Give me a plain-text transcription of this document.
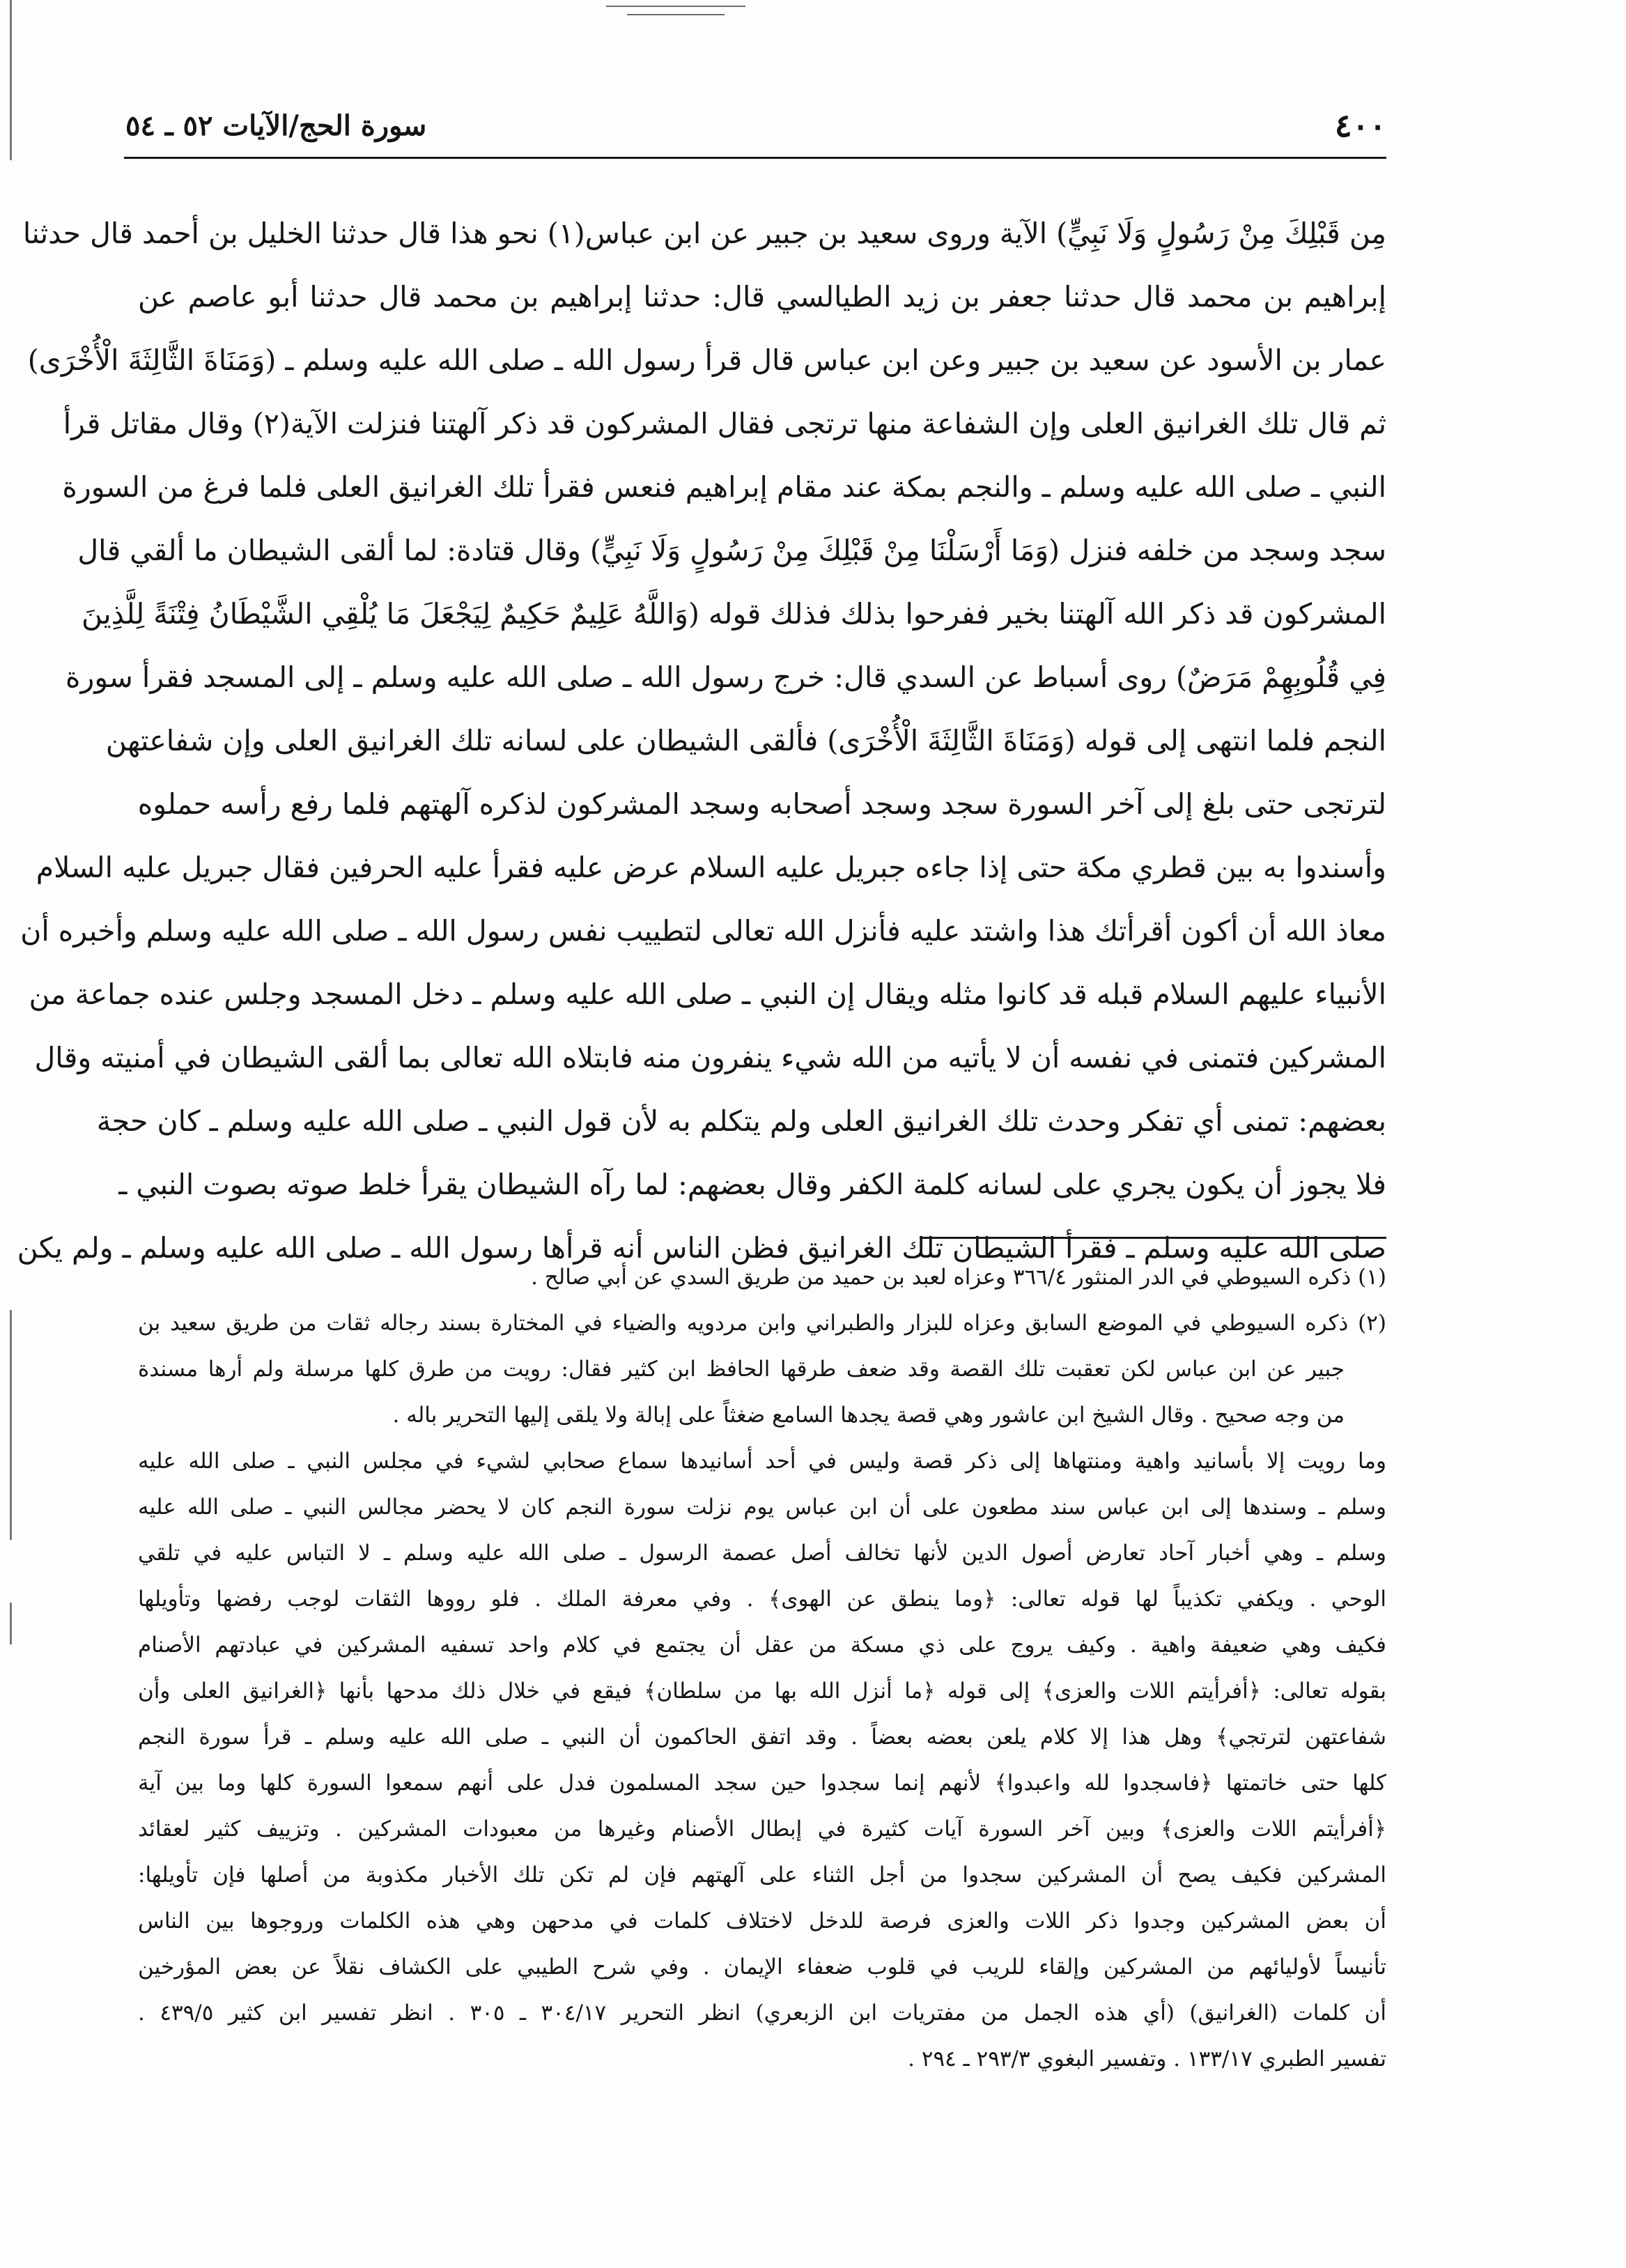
٤٠٠
سورة الحج/الآيات ٥٢ ـ ٥٤
مِن قَبْلِكَ مِنْ رَسُولٍ وَلَا نَبِيٍّ) الآية وروى سعيد بن جبير عن ابن عباس(١) نحو هذا قال حدثنا الخليل بن أحمد قال حدثنا
إبراهيم بن محمد قال حدثنا جعفر بن زيد الطيالسي قال: حدثنا إبراهيم بن محمد قال حدثنا أبو عاصم عن
عمار بن الأسود عن سعيد بن جبير وعن ابن عباس قال قرأ رسول الله ـ صلى الله عليه وسلم ـ (وَمَنَاةَ الثَّالِثَةَ الْأُخْرَى)
ثم قال تلك الغرانيق العلى وإن الشفاعة منها ترتجى فقال المشركون قد ذكر آلهتنا فنزلت الآية(٢) وقال مقاتل قرأ
النبي ـ صلى الله عليه وسلم ـ والنجم بمكة عند مقام إبراهيم فنعس فقرأ تلك الغرانيق العلى فلما فرغ من السورة
سجد وسجد من خلفه فنزل (وَمَا أَرْسَلْنَا مِنْ قَبْلِكَ مِنْ رَسُولٍ وَلَا نَبِيٍّ) وقال قتادة: لما ألقى الشيطان ما ألقي قال
المشركون قد ذكر الله آلهتنا بخير ففرحوا بذلك فذلك قوله (وَاللَّهُ عَلِيمٌ حَكِيمٌ لِيَجْعَلَ مَا يُلْقِي الشَّيْطَانُ فِتْنَةً لِلَّذِينَ
فِي قُلُوبِهِمْ مَرَضٌ) روى أسباط عن السدي قال: خرج رسول الله ـ صلى الله عليه وسلم ـ إلى المسجد فقرأ سورة
النجم فلما انتهى إلى قوله (وَمَنَاةَ الثَّالِثَةَ الْأُخْرَى) فألقى الشيطان على لسانه تلك الغرانيق العلى وإن شفاعتهن
لترتجى حتى بلغ إلى آخر السورة سجد وسجد أصحابه وسجد المشركون لذكره آلهتهم فلما رفع رأسه حملوه
وأسندوا به بين قطري مكة حتى إذا جاءه جبريل عليه السلام عرض عليه فقرأ عليه الحرفين فقال جبريل عليه السلام
معاذ الله أن أكون أقرأتك هذا واشتد عليه فأنزل الله تعالى لتطييب نفس رسول الله ـ صلى الله عليه وسلم وأخبره أن
الأنبياء عليهم السلام قبله قد كانوا مثله ويقال إن النبي ـ صلى الله عليه وسلم ـ دخل المسجد وجلس عنده جماعة من
المشركين فتمنى في نفسه أن لا يأتيه من الله شيء ينفرون منه فابتلاه الله تعالى بما ألقى الشيطان في أمنيته وقال
بعضهم: تمنى أي تفكر وحدث تلك الغرانيق العلى ولم يتكلم به لأن قول النبي ـ صلى الله عليه وسلم ـ كان حجة
فلا يجوز أن يكون يجري على لسانه كلمة الكفر وقال بعضهم: لما رآه الشيطان يقرأ خلط صوته بصوت النبي ـ
صلى الله عليه وسلم ـ فقرأ الشيطان تلك الغرانيق فظن الناس أنه قرأها رسول الله ـ صلى الله عليه وسلم ـ ولم يكن
(١) ذكره السيوطي في الدر المنثور ٣٦٦/٤ وعزاه لعبد بن حميد من طريق السدي عن أبي صالح .
(٢) ذكره السيوطي في الموضع السابق وعزاه للبزار والطبراني وابن مردويه والضياء في المختارة بسند رجاله ثقات من طريق سعيد بن
جبير عن ابن عباس لكن تعقبت تلك القصة وقد ضعف طرقها الحافظ ابن كثير فقال: رويت من طرق كلها مرسلة ولم أرها مسندة
من وجه صحيح . وقال الشيخ ابن عاشور وهي قصة يجدها السامع ضغثاً على إبالة ولا يلقى إليها التحرير باله .
وما رويت إلا بأسانيد واهية ومنتهاها إلى ذكر قصة وليس في أحد أسانيدها سماع صحابي لشيء في مجلس النبي ـ صلى الله عليه
وسلم ـ وسندها إلى ابن عباس سند مطعون على أن ابن عباس يوم نزلت سورة النجم كان لا يحضر مجالس النبي ـ صلى الله عليه
وسلم ـ وهي أخبار آحاد تعارض أصول الدين لأنها تخالف أصل عصمة الرسول ـ صلى الله عليه وسلم ـ لا التباس عليه في تلقي
الوحي . ويكفي تكذيباً لها قوله تعالى: ﴿وما ينطق عن الهوى﴾ . وفي معرفة الملك . فلو رووها الثقات لوجب رفضها وتأويلها
فكيف وهي ضعيفة واهية . وكيف يروج على ذي مسكة من عقل أن يجتمع في كلام واحد تسفيه المشركين في عبادتهم الأصنام
بقوله تعالى: ﴿أفرأيتم اللات والعزى﴾ إلى قوله ﴿ما أنزل الله بها من سلطان﴾ فيقع في خلال ذلك مدحها بأنها ﴿الغرانيق العلى وأن
شفاعتهن لترتجي﴾ وهل هذا إلا كلام يلعن بعضه بعضاً . وقد اتفق الحاكمون أن النبي ـ صلى الله عليه وسلم ـ قرأ سورة النجم
كلها حتى خاتمتها ﴿فاسجدوا لله واعبدوا﴾ لأنهم إنما سجدوا حين سجد المسلمون فدل على أنهم سمعوا السورة كلها وما بين آية
﴿أفرأيتم اللات والعزى﴾ وبين آخر السورة آيات كثيرة في إبطال الأصنام وغيرها من معبودات المشركين . وتزييف كثير لعقائد
المشركين فكيف يصح أن المشركين سجدوا من أجل الثناء على آلهتهم فإن لم تكن تلك الأخبار مكذوبة من أصلها فإن تأويلها:
أن بعض المشركين وجدوا ذكر اللات والعزى فرصة للدخل لاختلاف كلمات في مدحهن وهي هذه الكلمات وروجوها بين الناس
تأنيساً لأوليائهم من المشركين وإلقاء للريب في قلوب ضعفاء الإيمان . وفي شرح الطيبي على الكشاف نقلاً عن بعض المؤرخين
أن كلمات (الغرانيق) (أي هذه الجمل من مفتريات ابن الزبعري) انظر التحرير ٣٠٤/١٧ ـ ٣٠٥ . انظر تفسير ابن كثير ٤٣٩/٥ .
تفسير الطبري ١٣٣/١٧ . وتفسير البغوي ٢٩٣/٣ ـ ٢٩٤ .
